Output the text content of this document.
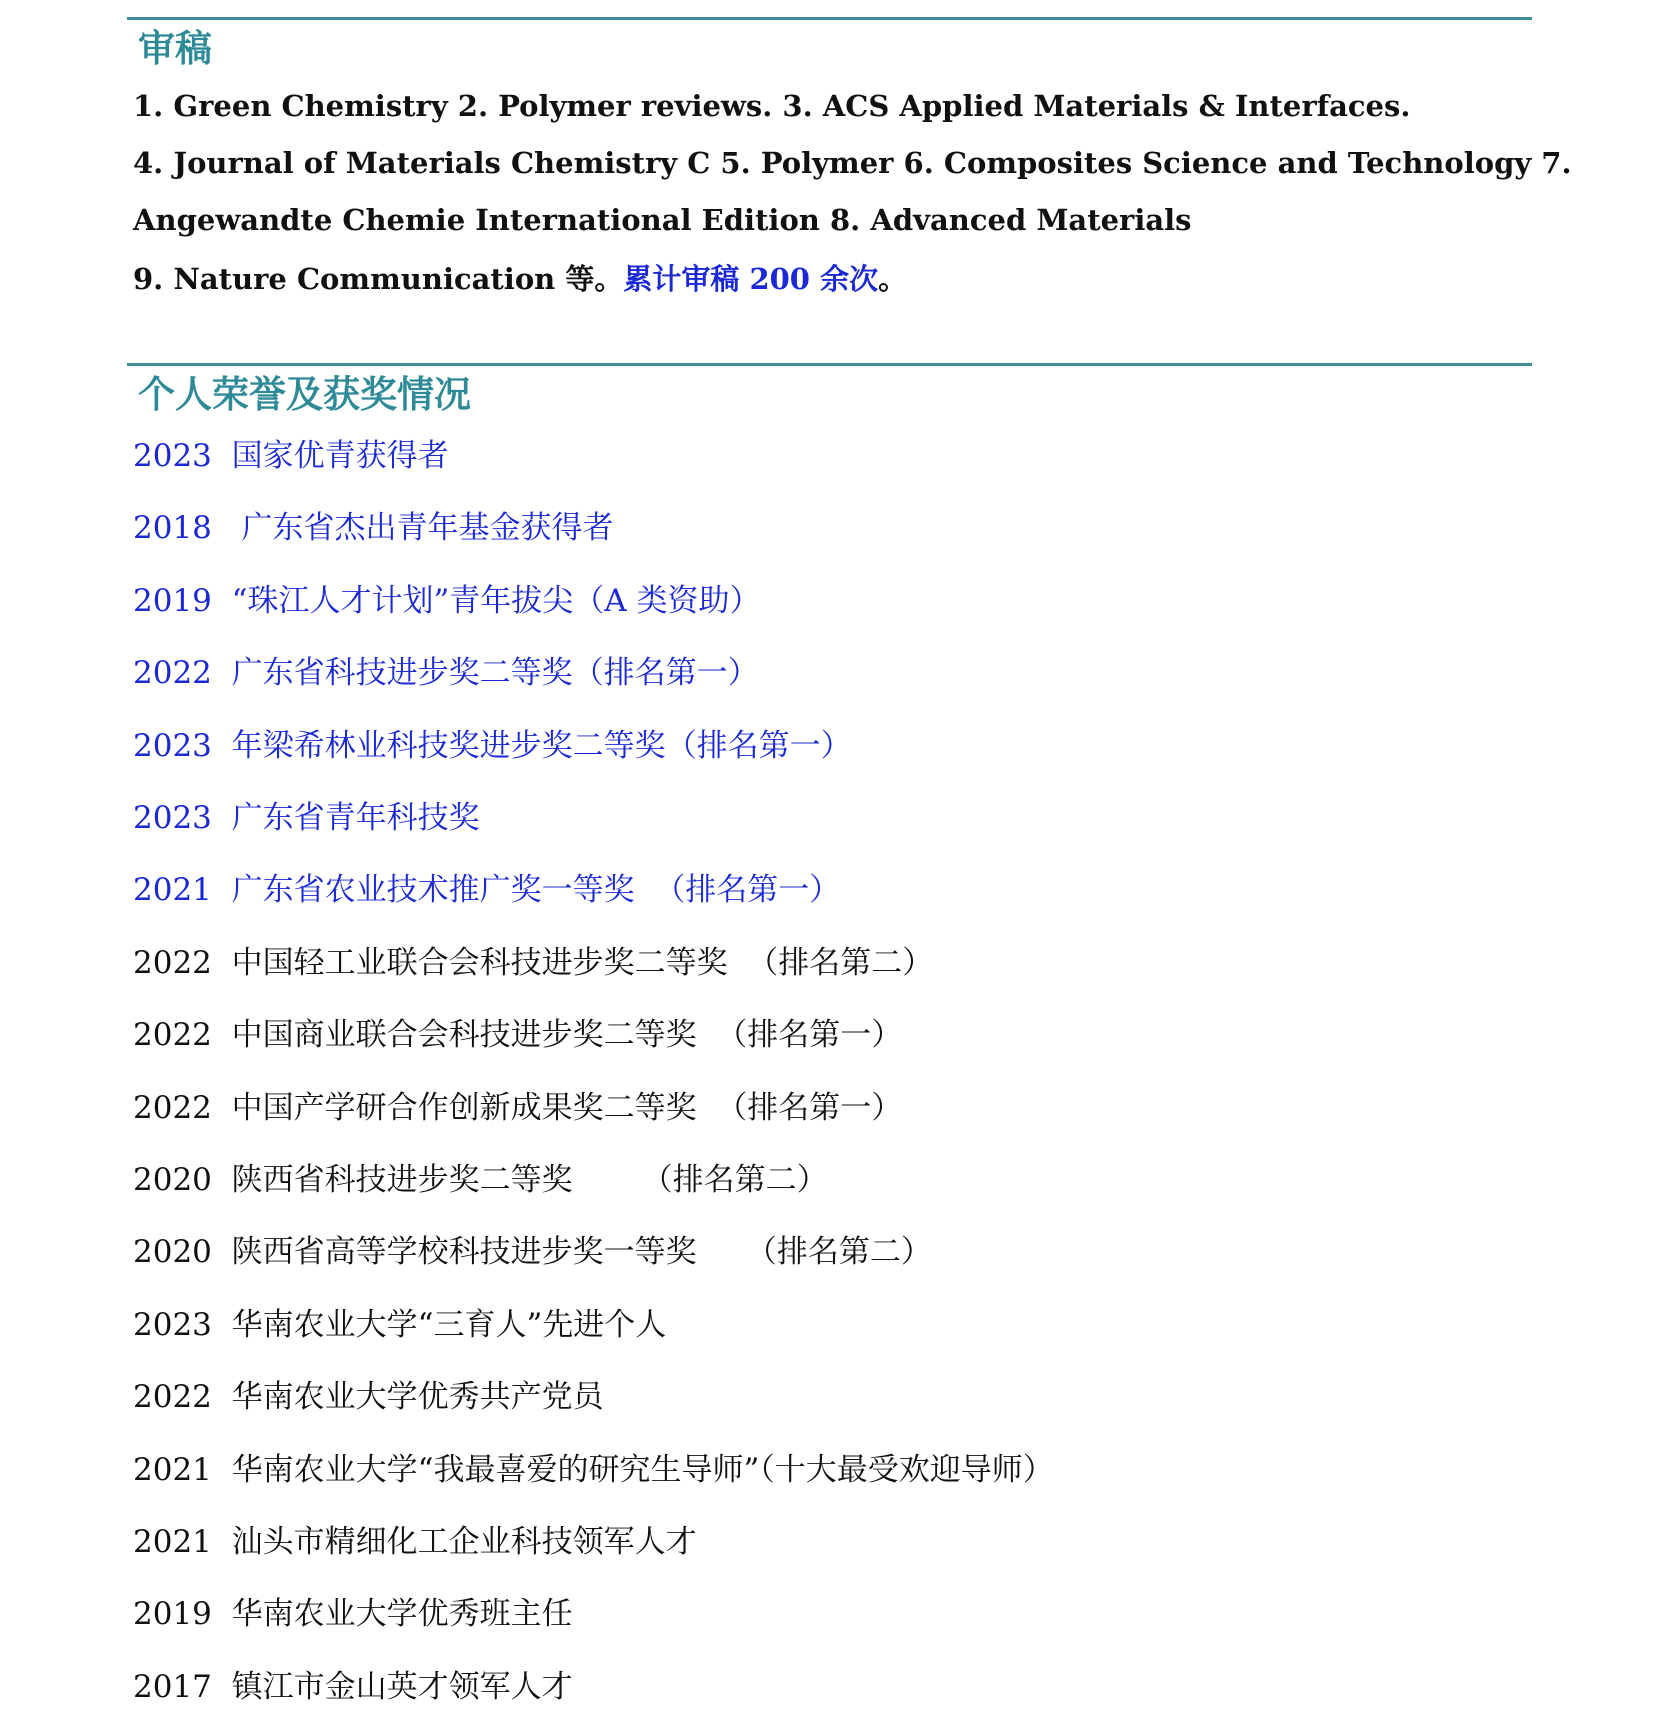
审稿
1. Green Chemistry 2. Polymer reviews. 3. ACS Applied Materials & Interfaces.
4. Journal of Materials Chemistry C 5. Polymer 6. Composites Science and Technology 7.
Angewandte Chemie International Edition 8. Advanced Materials
9. Nature Communication 等。累计审稿 200 余次。
个人荣誉及获奖情况
2023  国家优青获得者
2018   广东省杰出青年基金获得者
2019  “珠江人才计划”青年拔尖（A 类资助）
2022  广东省科技进步奖二等奖（排名第一）
2023  年梁希林业科技奖进步奖二等奖（排名第一）
2023  广东省青年科技奖
2021  广东省农业技术推广奖一等奖  （排名第一）
2022  中国轻工业联合会科技进步奖二等奖  （排名第二）
2022  中国商业联合会科技进步奖二等奖  （排名第一）
2022  中国产学研合作创新成果奖二等奖  （排名第一）
2020  陕西省科技进步奖二等奖       （排名第二）
2020  陕西省高等学校科技进步奖一等奖     （排名第二）
2023  华南农业大学“三育人”先进个人
2022  华南农业大学优秀共产党员
2021  华南农业大学“我最喜爱的研究生导师”（十大最受欢迎导师）
2021  汕头市精细化工企业科技领军人才
2019  华南农业大学优秀班主任
2017  镇江市金山英才领军人才
